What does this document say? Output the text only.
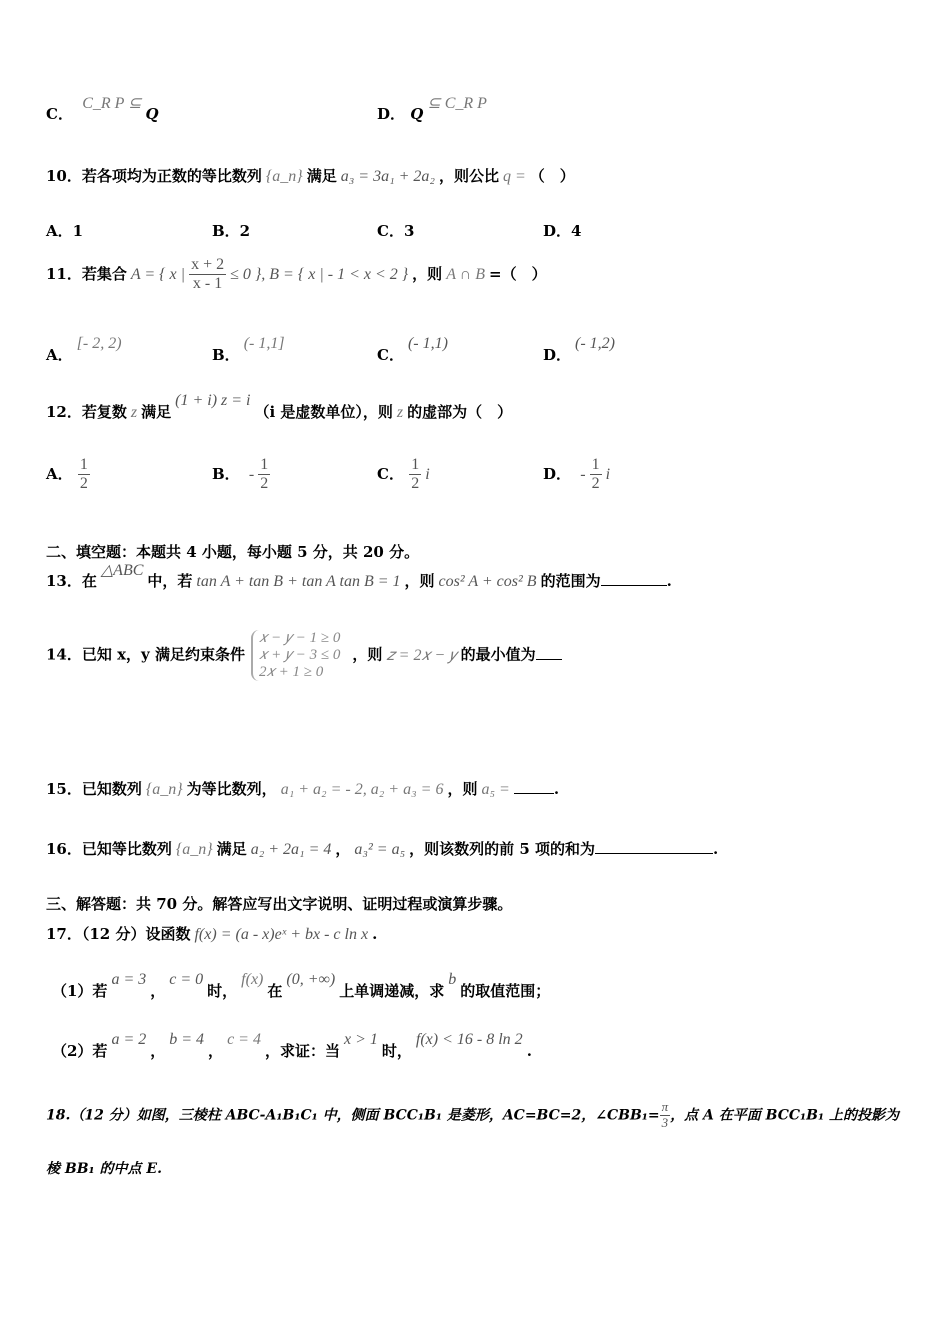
C． C_R P ⊆Q	D． Q⊆ C_R P
10．若各项均为正数的等比数列 {a_n} 满足 a₃ = 3a₁ + 2a₂ ，则公比 q = （　）
A．1	B．2	C．3	D．4
11．若集合 A = { x | $\frac{x + 2}{x - 1} \le 0$ }, B = { x | - 1 < x < 2 } ，则 A ∩ B =（　）
A．[- 2, 2)
B．(- 1,1]
C．(- 1,1)
D．(- 1,2)
12．若复数 z 满足(1 + i) z = i（i 是虚数单位），则 z 的虚部为（　）
A． $\frac{1}{2}$	B． - $\frac{1}{2}$	C． $\frac{1}{2}$ i	D． - $\frac{1}{2}$ i
二、填空题：本题共 4 小题，每小题 5 分，共 20 分。
13．在△ABC中，若 tan A + tan B + tan A tan B = 1 ，则 cos² A + cos² B 的范围为	.
14．已知 x，y 满足约束条件
𝑥 − 𝑦 − 1 ≥ 0
𝑥 + 𝑦 − 3 ≤ 0
2𝑥 + 1 ≥ 0
，则 𝑧 = 2𝑥 − 𝑦 的最小值为
15．已知数列 {a_n} 为等比数列， a₁ + a₂ = - 2, a₂ + a₃ = 6 ，则 a₅ =	.
16．已知等比数列 {a_n} 满足 a₂ + 2a₁ = 4 ， a₃² = a₅ ，则该数列的前 5 项的和为	.
三、解答题：共 70 分。解答应写出文字说明、证明过程或演算步骤。
17．（12 分）设函数 f(x) = (a - x)eˣ + bx - c ln x .
（1）若a = 3，c = 0时，f(x)在(0, +∞)上单调递减，求b的取值范围；
（2）若a = 2，b = 4，c = 4，求证：当x > 1时，f(x) < 16 - 8 ln 2.
18.（12 分）如图，三棱柱 ABC-A₁B₁C₁ 中，侧面 BCC₁B₁ 是菱形，AC=BC=2，∠CBB₁= $\frac{\pi}{3}$ ，点 A 在平面 BCC₁B₁ 上的投影为
棱 BB₁ 的中点 E.
